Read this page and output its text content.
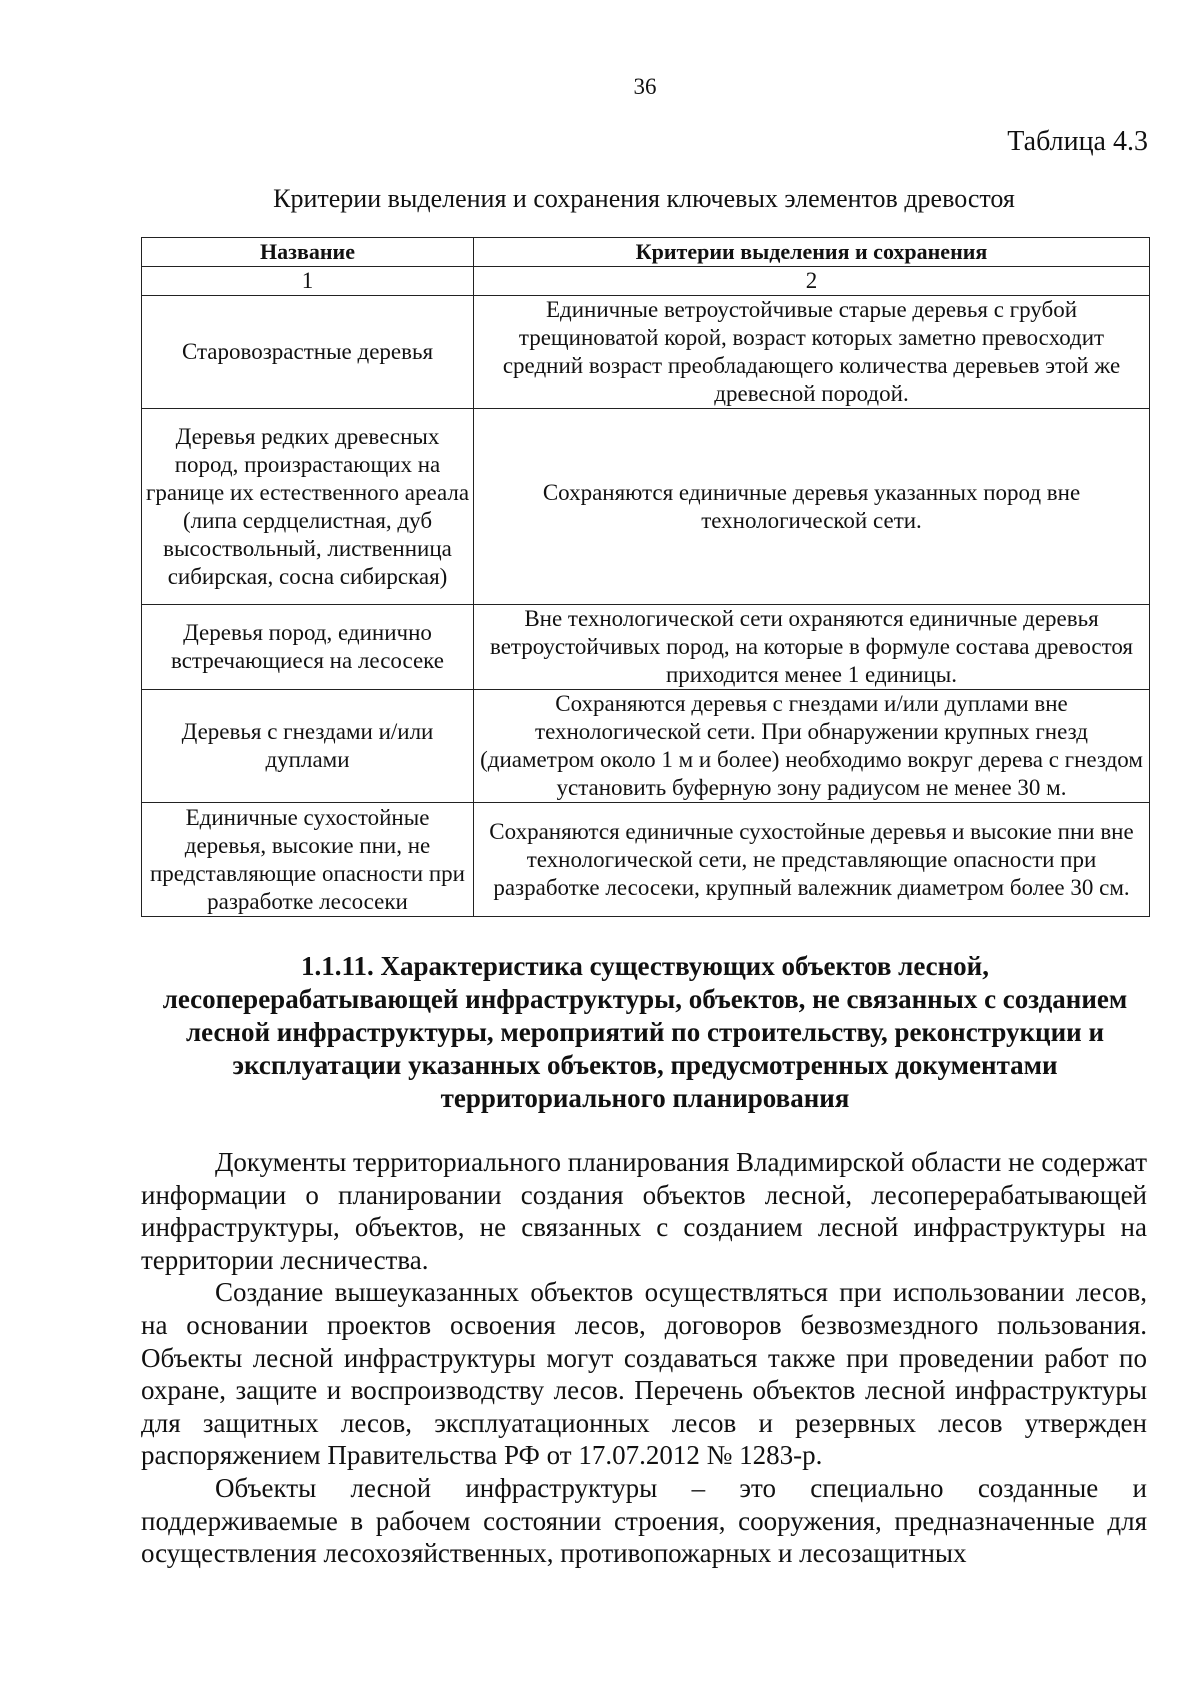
36
Таблица 4.3
Критерии выделения и сохранения ключевых элементов древостоя
Название	Критерии выделения и сохранения
1	2
Старовозрастные деревья	Единичные ветроустойчивые старые деревья с грубой трещиноватой корой, возраст которых заметно превосходит средний возраст преобладающего количества деревьев этой же древесной породой.
Деревья редких древесных пород, произрастающих на границе их естественного ареала (липа сердцелистная, дуб высоствольный, лиственница сибирская, сосна сибирская)	Сохраняются единичные деревья указанных пород вне технологической сети.
Деревья пород, единично встречающиеся на лесосеке	Вне технологической сети охраняются единичные деревья ветроустойчивых пород, на которые в формуле состава древостоя приходится менее 1 единицы.
Деревья с гнездами и/или дуплами	Сохраняются деревья с гнездами и/или дуплами вне технологической сети. При обнаружении крупных гнезд (диаметром около 1 м и более) необходимо вокруг дерева с гнездом установить буферную зону радиусом не менее 30 м.
Единичные сухостойные деревья, высокие пни, не представляющие опасности при разработке лесосеки	Сохраняются единичные сухостойные деревья и высокие пни вне технологической сети, не представляющие опасности при разработке лесосеки, крупный валежник диаметром более 30 см.
1.1.11. Характеристика существующих объектов лесной, лесоперерабатывающей инфраструктуры, объектов, не связанных с созданием лесной инфраструктуры, мероприятий по строительству, реконструкции и эксплуатации указанных объектов, предусмотренных документами территориального планирования

Документы территориального планирования Владимирской области не содержат информации о планировании создания объектов лесной, лесоперерабатывающей инфраструктуры, объектов, не связанных с созданием лесной инфраструктуры на территории лесничества.

Создание вышеуказанных объектов осуществляться при использовании лесов, на основании проектов освоения лесов, договоров безвозмездного пользования. Объекты лесной инфраструктуры могут создаваться также при проведении работ по охране, защите и воспроизводству лесов. Перечень объектов лесной инфраструктуры для защитных лесов, эксплуатационных лесов и резервных лесов утвержден распоряжением Правительства РФ от 17.07.2012 № 1283-р.

Объекты лесной инфраструктуры – это специально созданные и поддерживаемые в рабочем состоянии строения, сооружения, предназначенные для осуществления лесохозяйственных, противопожарных и лесозащитных
